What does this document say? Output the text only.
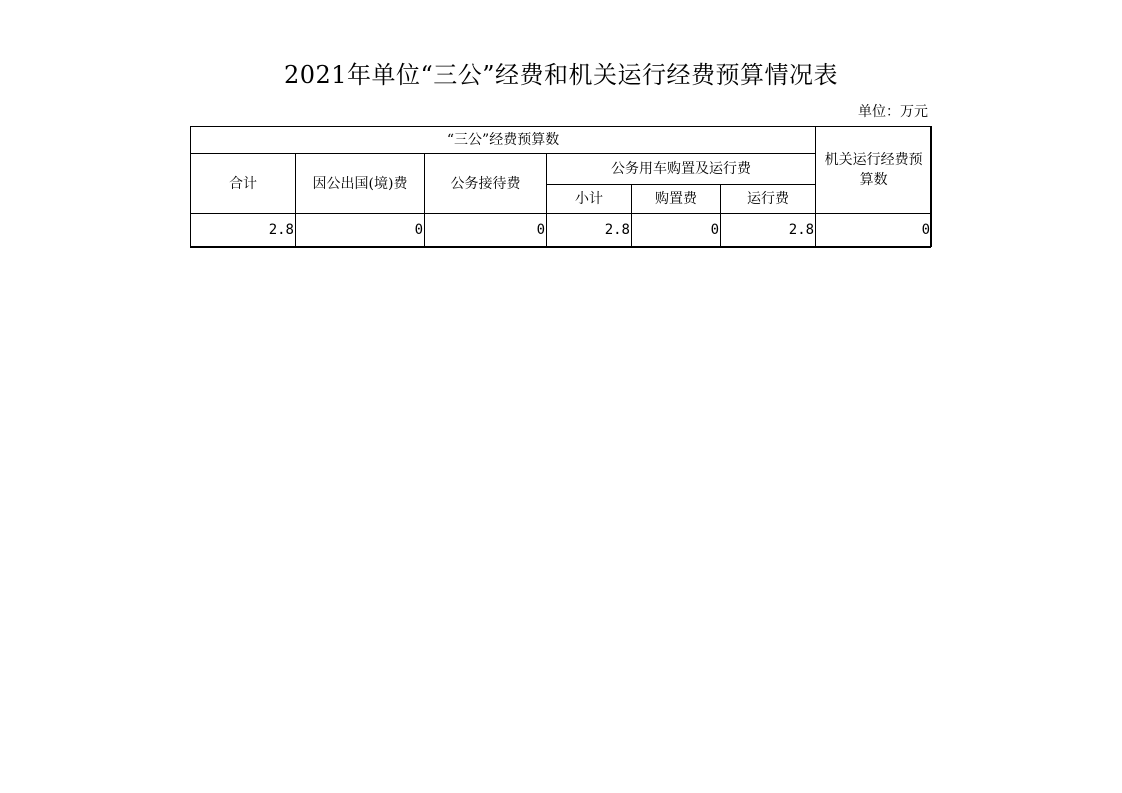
2021年单位“三公”经费和机关运行经费预算情况表
单位：万元
“三公”经费预算数						机关运行经费预算数
合计	因公出国(境)费	公务接待费	公务用车购置及运行费			
			小计	购置费	运行费	
2.8	0	0	2.8	0	2.8	0
